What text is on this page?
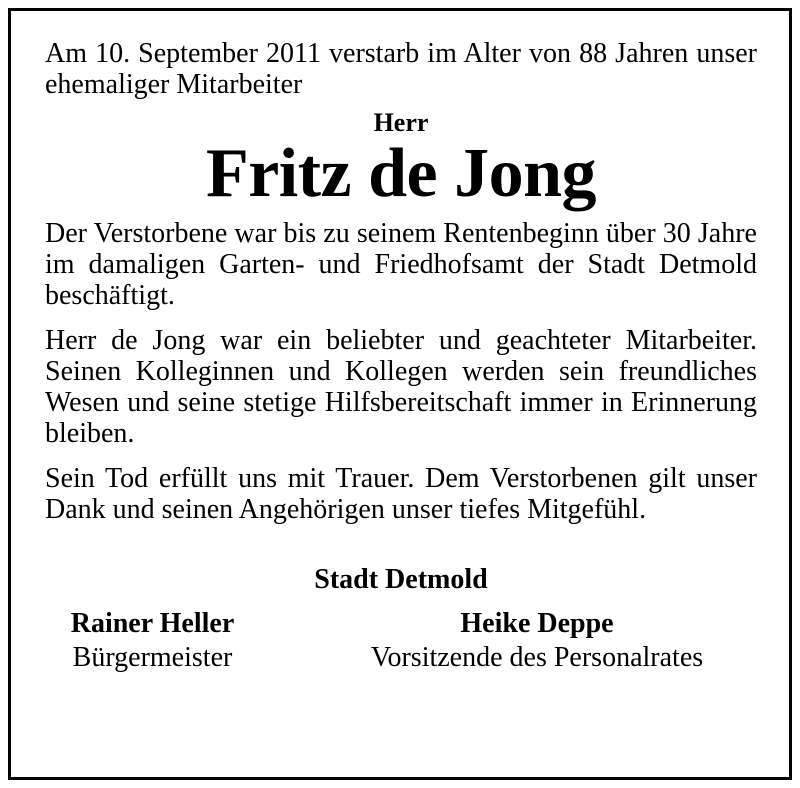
Am 10. September 2011 verstarb im Alter von 88 Jahren unser ehemaliger Mitarbeiter

Herr
Fritz de Jong

Der Verstorbene war bis zu seinem Rentenbeginn über 30 Jahre im damaligen Garten- und Friedhofsamt der Stadt Detmold beschäftigt.

Herr de Jong war ein beliebter und geachteter Mitarbeiter. Seinen Kolleginnen und Kollegen werden sein freundliches Wesen und seine stetige Hilfsbereitschaft immer in Erinnerung bleiben.

Sein Tod erfüllt uns mit Trauer. Dem Verstorbenen gilt unser Dank und seinen Angehörigen unser tiefes Mitgefühl.

Stadt Detmold
Rainer Heller
Bürgermeister
Heike Deppe
Vorsitzende des Personalrates
